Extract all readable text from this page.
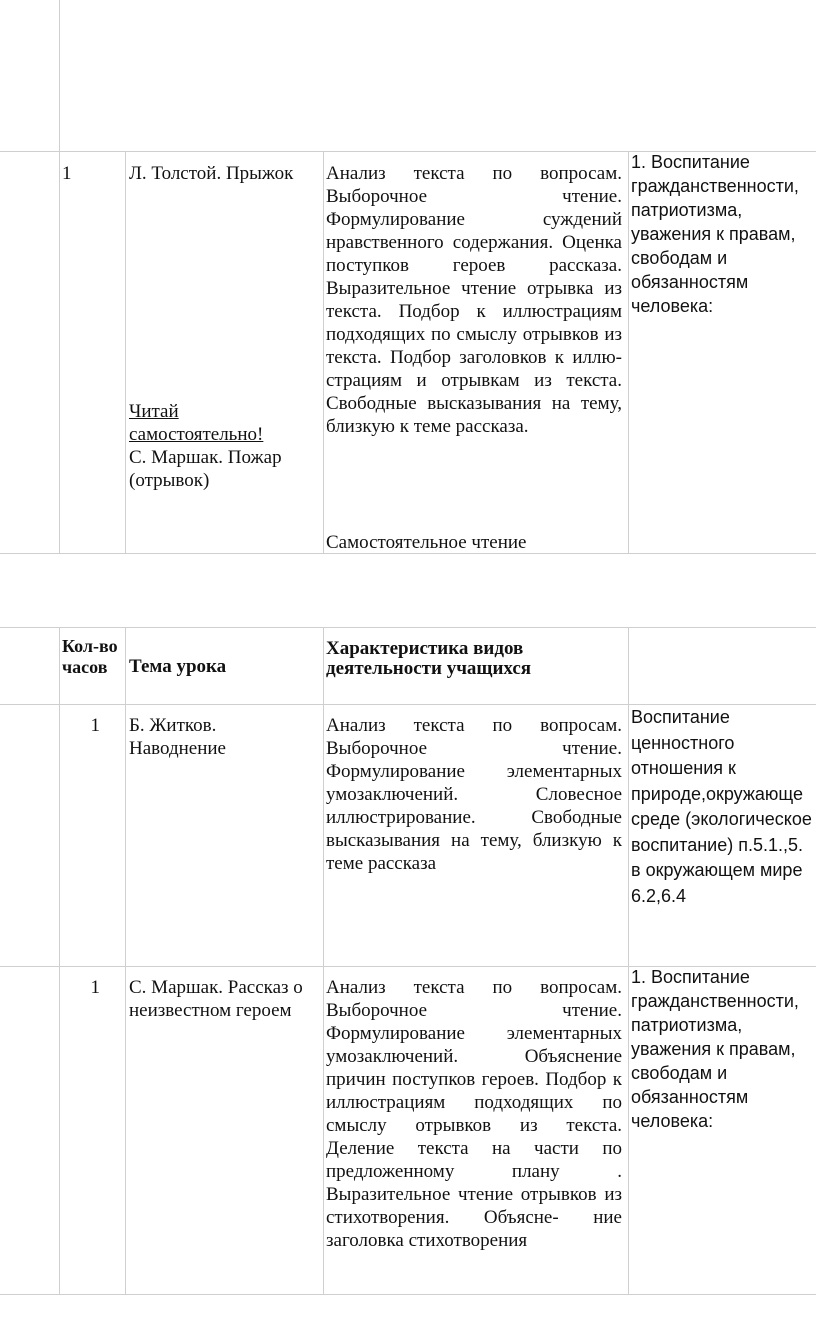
1	Л. Толстой. Прыжок
Читай самостоятельно!
С. Маршак. Пожар (отрывок)
Анализ текста по вопросам. Выборочное чтение. Формулирование суждений нравственного содержания. Оценка поступков героев рассказа. Выразительное чтение отрывка из текста. Подбор к иллюстрациям подходящих по смыслу отрывков из текста. Подбор заголовков к иллю- страциям и отрывкам из текста. Свободные высказывания на тему, близкую к теме рассказа.
Самостоятельное чтение
1. Воспитание гражданственности, патриотизма, уважения к правам, свободам и обязанностям человека:
Кол-во часов	Тема урока
Характеристика видов деятельности учащихся
1 Б. Житков. Наводнение
Анализ текста по вопросам. Выборочное чтение. Формулирование элементарных умозаключений. Словесное иллюстрирование. Свободные высказывания на тему, близкую к теме рассказа
Воспитание ценностного отношения к природе,окружающе среде (экологическое воспитание) п.5.1.,5. в окружающем мире 6.2,6.4
1 С. Маршак. Рассказ о неизвестном героем
Анализ текста по вопросам. Выборочное чтение. Формулирование элементарных умозаключений. Объяснение причин поступков героев. Подбор к иллюстрациям подходящих по смыслу отрывков из текста. Деление текста на части по предложенному плану . Выразительное чтение отрывков из стихотворения. Объясне- ние заголовка стихотворения
1. Воспитание гражданственности, патриотизма, уважения к правам, свободам и обязанностям человека:
